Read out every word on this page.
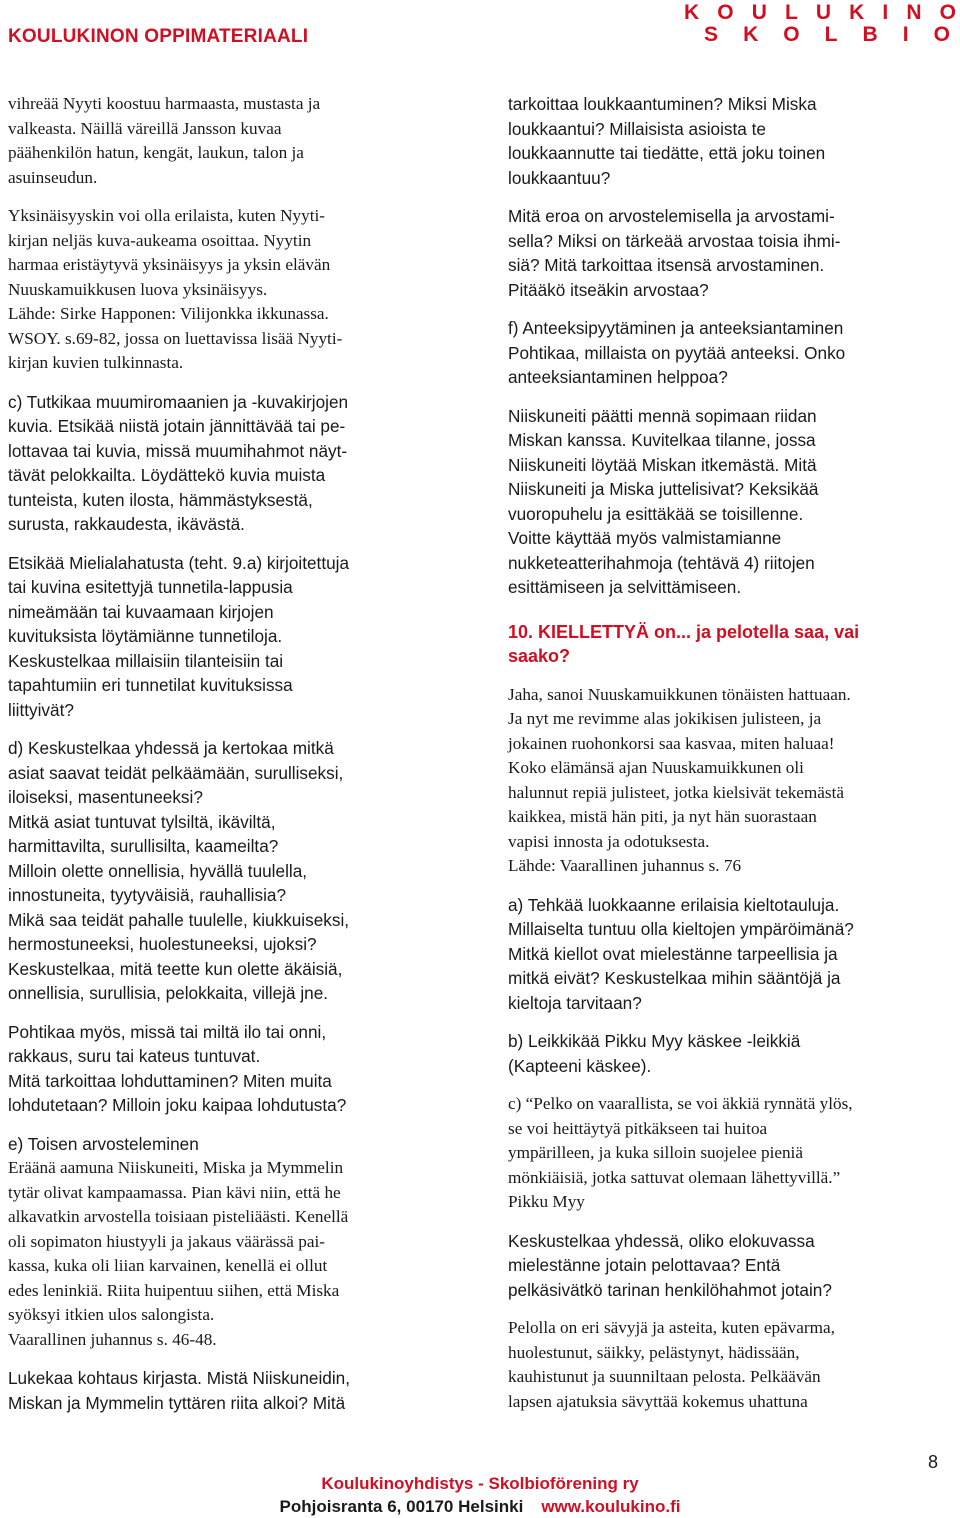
KOULUKINON OPPIMATERIAALI
K O U L U K I N O
S K O L B I O

vihreää Nyyti koostuu harmaasta, mustasta ja
valkeasta. Näillä väreillä Jansson kuvaa
päähenkilön hatun, kengät, laukun, talon ja
asuinseudun.

Yksinäisyyskin voi olla erilaista, kuten Nyyti-
kirjan neljäs kuva-aukeama osoittaa. Nyytin
harmaa eristäytyvä yksinäisyys ja yksin elävän
Nuuskamuikkusen luova yksinäisyys.
Lähde: Sirke Happonen: Vilijonkka ikkunassa.
WSOY. s.69-82, jossa on luettavissa lisää Nyyti-
kirjan kuvien tulkinnasta.

c) Tutkikaa muumiromaanien ja -kuvakirjojen
kuvia. Etsikää niistä jotain jännittävää tai pe-
lottavaa tai kuvia, missä muumihahmot näyt-
tävät pelokkailta. Löydättekö kuvia muista
tunteista, kuten ilosta, hämmästyksestä,
surusta, rakkaudesta, ikävästä.

Etsikää Mielialahatusta (teht. 9.a) kirjoitettuja
tai kuvina esitettyjä tunnetila-lappusia
nimeämään tai kuvaamaan kirjojen
kuvituksista löytämiänne tunnetiloja.
Keskustelkaa millaisiin tilanteisiin tai
tapahtumiin eri tunnetilat kuvituksissa
liittyivät?

d) Keskustelkaa yhdessä ja kertokaa mitkä
asiat saavat teidät pelkäämään, surulliseksi,
iloiseksi, masentuneeksi?
Mitkä asiat tuntuvat tylsiltä, ikäviltä,
harmittavilta, surullisilta, kaameilta?
Milloin olette onnellisia, hyvällä tuulella,
innostuneita, tyytyväisiä, rauhallisia?
Mikä saa teidät pahalle tuulelle, kiukkuiseksi,
hermostuneeksi, huolestuneeksi, ujoksi?
Keskustelkaa, mitä teette kun olette äkäisiä,
onnellisia, surullisia, pelokkaita, villejä jne.

Pohtikaa myös, missä tai miltä ilo tai onni,
rakkaus, suru tai kateus tuntuvat.
Mitä tarkoittaa lohduttaminen? Miten muita
lohdutetaan? Milloin joku kaipaa lohdutusta?

e) Toisen arvosteleminen

Eräänä aamuna Niiskuneiti, Miska ja Mymmelin
tytär olivat kampaamassa. Pian kävi niin, että he
alkavatkin arvostella toisiaan pisteliäästi. Kenellä
oli sopimaton hiustyyli ja jakaus väärässä pai-
kassa, kuka oli liian karvainen, kenellä ei ollut
edes leninkiä. Riita huipentuu siihen, että Miska
syöksyi itkien ulos salongista.
Vaarallinen juhannus s. 46-48.

Lukekaa kohtaus kirjasta. Mistä Niiskuneidin,
Miskan ja Mymmelin tyttären riita alkoi? Mitä

tarkoittaa loukkaantuminen? Miksi Miska
loukkaantui? Millaisista asioista te
loukkaannutte tai tiedätte, että joku toinen
loukkaantuu?

Mitä eroa on arvostelemisella ja arvostami-
sella? Miksi on tärkeää arvostaa toisia ihmi-
siä? Mitä tarkoittaa itsensä arvostaminen.
Pitääkö itseäkin arvostaa?

f) Anteeksipyytäminen ja anteeksiantaminen
Pohtikaa, millaista on pyytää anteeksi. Onko
anteeksiantaminen helppoa?

Niiskuneiti päätti mennä sopimaan riidan
Miskan kanssa. Kuvitelkaa tilanne, jossa
Niiskuneiti löytää Miskan itkemästä. Mitä
Niiskuneiti ja Miska juttelisivat? Keksikää
vuoropuhelu ja esittäkää se toisillenne.
Voitte käyttää myös valmistamianne
nukketeatterihahmoja (tehtävä 4) riitojen
esittämiseen ja selvittämiseen.

10. KIELLETTYÄ on... ja pelotella saa, vai
saako?

Jaha, sanoi Nuuskamuikkunen tönäisten hattuaan.
Ja nyt me revimme alas jokikisen julisteen, ja
jokainen ruohonkorsi saa kasvaa, miten haluaa!
Koko elämänsä ajan Nuuskamuikkunen oli
halunnut repiä julisteet, jotka kielsivät tekemästä
kaikkea, mistä hän piti, ja nyt hän suorastaan
vapisi innosta ja odotuksesta.
Lähde: Vaarallinen juhannus s. 76

a) Tehkää luokkaanne erilaisia kieltotauluja.
Millaiselta tuntuu olla kieltojen ympäröimänä?
Mitkä kiellot ovat mielestänne tarpeellisia ja
mitkä eivät? Keskustelkaa mihin sääntöjä ja
kieltoja tarvitaan?

b) Leikkikää Pikku Myy käskee -leikkiä
(Kapteeni käskee).

c) “Pelko on vaarallista, se voi äkkiä rynnätä ylös,
se voi heittäytyä pitkäkseen tai huitoa
ympärilleen, ja kuka silloin suojelee pieniä
mönkiäisiä, jotka sattuvat olemaan lähettyvillä.”
Pikku Myy

Keskustelkaa yhdessä, oliko elokuvassa
mielestänne jotain pelottavaa? Entä
pelkäsivätkö tarinan henkilöhahmot jotain?

Pelolla on eri sävyjä ja asteita, kuten epävarma,
huolestunut, säikky, pelästynyt, hädissään,
kauhistunut ja suunniltaan pelosta. Pelkäävän
lapsen ajatuksia sävyttää kokemus uhattuna

Koulukinoyhdistys - Skolbioförening ry
Pohjoisranta 6, 00170 Helsinki www.koulukino.fi
8
